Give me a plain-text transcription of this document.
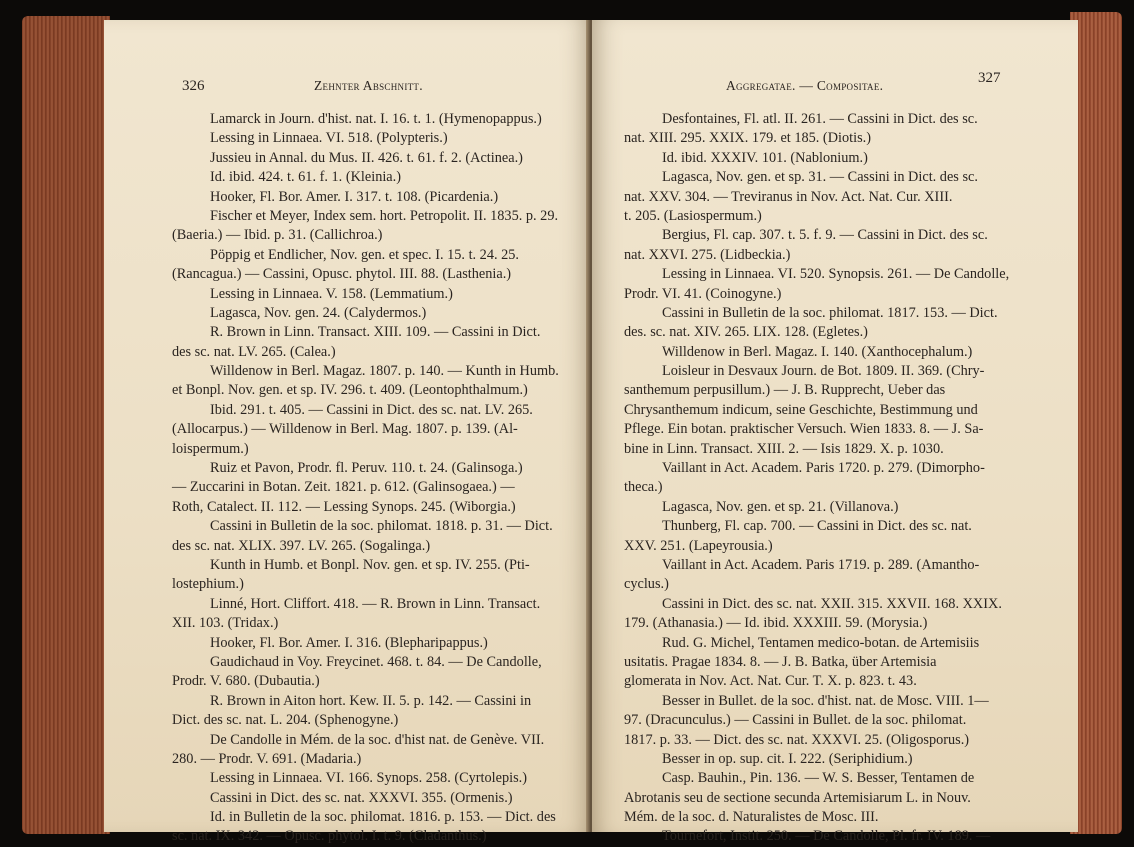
326	Zehnter Abschnitt.
Lamarck in Journ. d'hist. nat. I. 16. t. 1. (Hymenopappus.)
Lessing in Linnaea. VI. 518. (Polypteris.)
Jussieu in Annal. du Mus. II. 426. t. 61. f. 2. (Actinea.)
Id. ibid. 424. t. 61. f. 1. (Kleinia.)
Hooker, Fl. Bor. Amer. I. 317. t. 108. (Picardenia.)
Fischer et Meyer, Index sem. hort. Petropolit. II. 1835. p. 29.
(Baeria.) — Ibid. p. 31. (Callichroa.)
Pöppig et Endlicher, Nov. gen. et spec. I. 15. t. 24. 25.
(Rancagua.) — Cassini, Opusc. phytol. III. 88. (Lasthenia.)
Lessing in Linnaea. V. 158. (Lemmatium.)
Lagasca, Nov. gen. 24. (Calydermos.)
R. Brown in Linn. Transact. XIII. 109. — Cassini in Dict.
des sc. nat. LV. 265. (Calea.)
Willdenow in Berl. Magaz. 1807. p. 140. — Kunth in Humb.
et Bonpl. Nov. gen. et sp. IV. 296. t. 409. (Leontophthalmum.)
Ibid. 291. t. 405. — Cassini in Dict. des sc. nat. LV. 265.
(Allocarpus.) — Willdenow in Berl. Mag. 1807. p. 139. (Al-
loispermum.)
Ruiz et Pavon, Prodr. fl. Peruv. 110. t. 24. (Galinsoga.)
— Zuccarini in Botan. Zeit. 1821. p. 612. (Galinsogaea.) —
Roth, Catalect. II. 112. — Lessing Synops. 245. (Wiborgia.)
Cassini in Bulletin de la soc. philomat. 1818. p. 31. — Dict.
des sc. nat. XLIX. 397. LV. 265. (Sogalinga.)
Kunth in Humb. et Bonpl. Nov. gen. et sp. IV. 255. (Pti-
lostephium.)
Linné, Hort. Cliffort. 418. — R. Brown in Linn. Transact.
XII. 103. (Tridax.)
Hooker, Fl. Bor. Amer. I. 316. (Blepharipappus.)
Gaudichaud in Voy. Freycinet. 468. t. 84. — De Candolle,
Prodr. V. 680. (Dubautia.)
R. Brown in Aiton hort. Kew. II. 5. p. 142. — Cassini in
Dict. des sc. nat. L. 204. (Sphenogyne.)
De Candolle in Mém. de la soc. d'hist nat. de Genève. VII.
280. — Prodr. V. 691. (Madaria.)
Lessing in Linnaea. VI. 166. Synops. 258. (Cyrtolepis.)
Cassini in Dict. des sc. nat. XXXVI. 355. (Ormenis.)
Id. in Bulletin de la soc. philomat. 1816. p. 153. — Dict. des
sc. nat. IX. 342. — Opusc. phytol. I. t. 9. (Cladanthus.)
Aggregatae. — Compositae.	327
Desfontaines, Fl. atl. II. 261. — Cassini in Dict. des sc.
nat. XIII. 295. XXIX. 179. et 185. (Diotis.)
Id. ibid. XXXIV. 101. (Nablonium.)
Lagasca, Nov. gen. et sp. 31. — Cassini in Dict. des sc.
nat. XXV. 304. — Treviranus in Nov. Act. Nat. Cur. XIII.
t. 205. (Lasiospermum.)
Bergius, Fl. cap. 307. t. 5. f. 9. — Cassini in Dict. des sc.
nat. XXVI. 275. (Lidbeckia.)
Lessing in Linnaea. VI. 520. Synopsis. 261. — De Candolle,
Prodr. VI. 41. (Coinogyne.)
Cassini in Bulletin de la soc. philomat. 1817. 153. — Dict.
des. sc. nat. XIV. 265. LIX. 128. (Egletes.)
Willdenow in Berl. Magaz. I. 140. (Xanthocephalum.)
Loisleur in Desvaux Journ. de Bot. 1809. II. 369. (Chry-
santhemum perpusillum.) — J. B. Rupprecht, Ueber das
Chrysanthemum indicum, seine Geschichte, Bestimmung und
Pflege. Ein botan. praktischer Versuch. Wien 1833. 8. — J. Sa-
bine in Linn. Transact. XIII. 2. — Isis 1829. X. p. 1030.
Vaillant in Act. Academ. Paris 1720. p. 279. (Dimorpho-
theca.)
Lagasca, Nov. gen. et sp. 21. (Villanova.)
Thunberg, Fl. cap. 700. — Cassini in Dict. des sc. nat.
XXV. 251. (Lapeyrousia.)
Vaillant in Act. Academ. Paris 1719. p. 289. (Amantho-
cyclus.)
Cassini in Dict. des sc. nat. XXII. 315. XXVII. 168. XXIX.
179. (Athanasia.) — Id. ibid. XXXIII. 59. (Morysia.)
Rud. G. Michel, Tentamen medico-botan. de Artemisiis
usitatis. Pragae 1834. 8. — J. B. Batka, über Artemisia
glomerata in Nov. Act. Nat. Cur. T. X. p. 823. t. 43.
Besser in Bullet. de la soc. d'hist. nat. de Mosc. VIII. 1—
97. (Dracunculus.) — Cassini in Bullet. de la soc. philomat.
1817. p. 33. — Dict. des sc. nat. XXXVI. 25. (Oligosporus.)
Besser in op. sup. cit. I. 222. (Seriphidium.)
Casp. Bauhin., Pin. 136. — W. S. Besser, Tentamen de
Abrotanis seu de sectione secunda Artemisiarum L. in Nouv.
Mém. de la soc. d. Naturalistes de Mosc. III.
Tournefort, Instit. 250. — De Candolle, Pl. fr. IV. 189. —
